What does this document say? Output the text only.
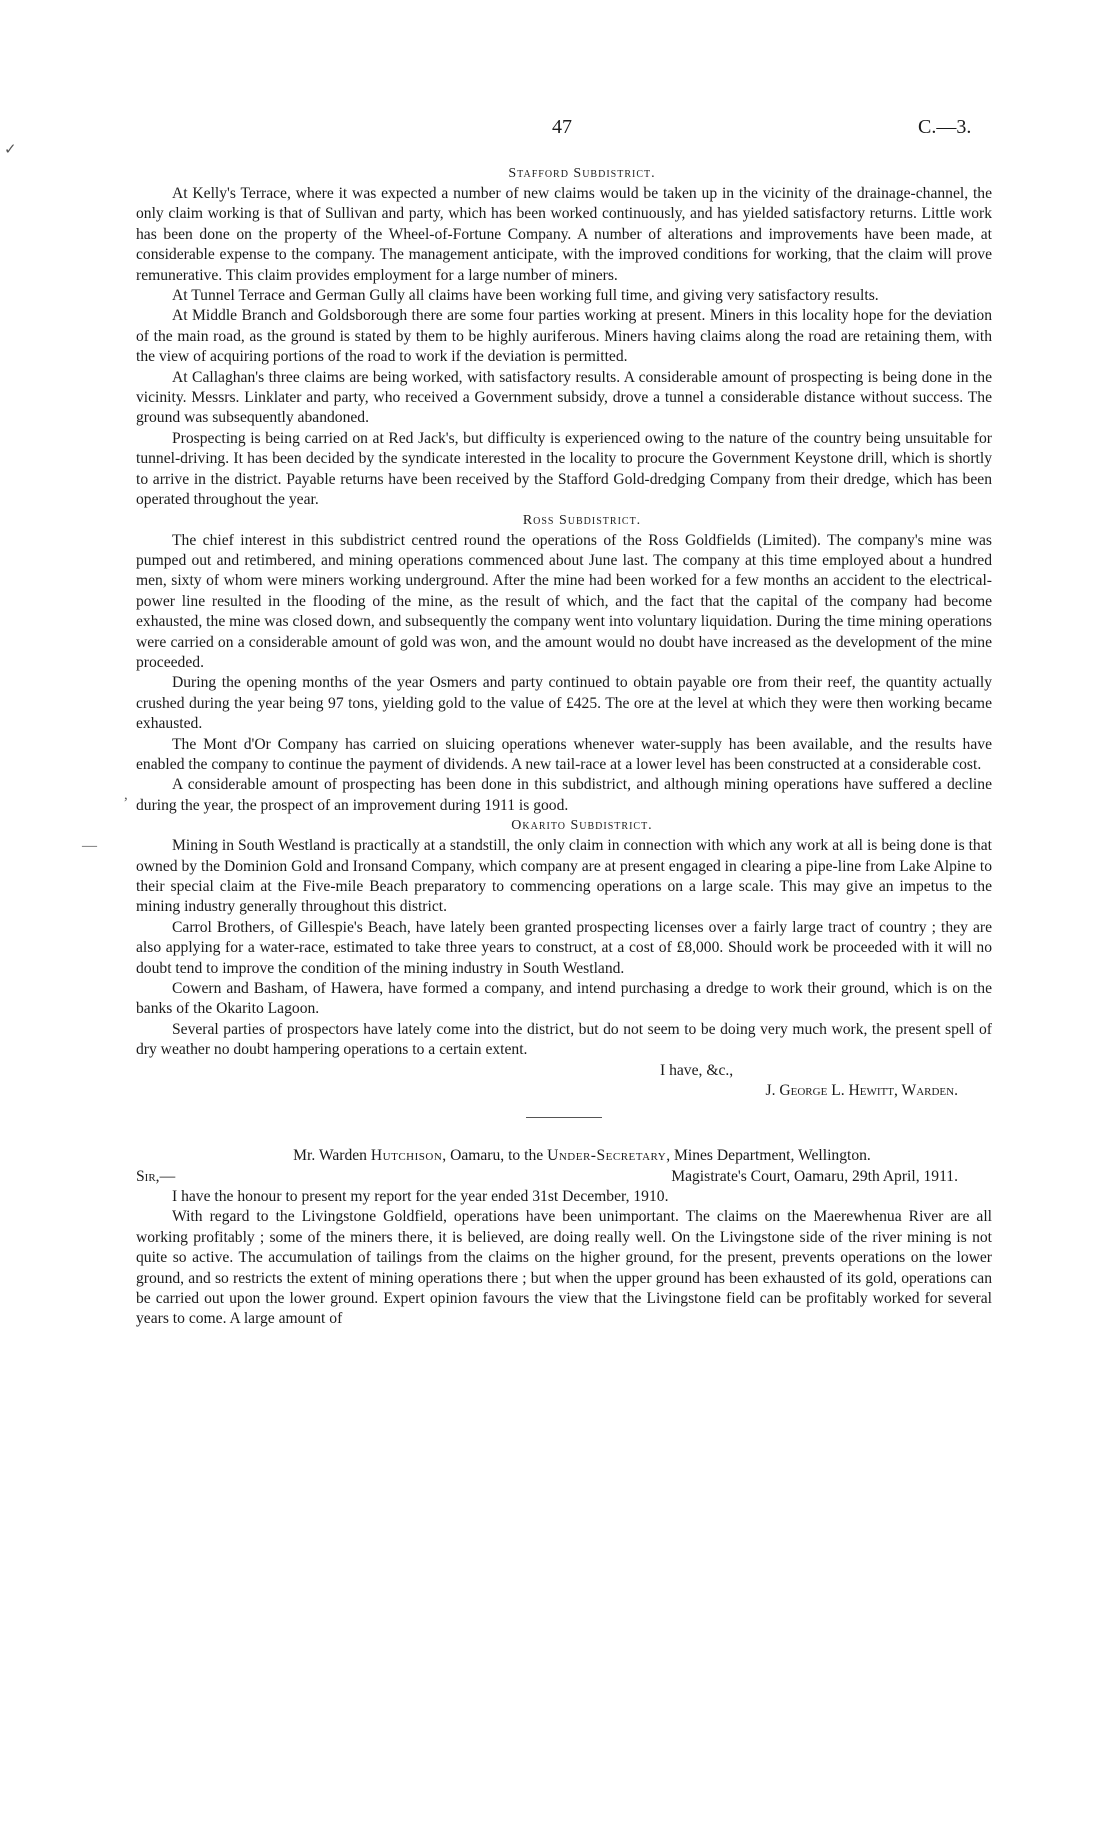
47	C.—3.
✓
—
,

Stafford Subdistrict.

At Kelly's Terrace, where it was expected a number of new claims would be taken up in the vicinity of the drainage-channel, the only claim working is that of Sullivan and party, which has been worked continuously, and has yielded satisfactory returns. Little work has been done on the property of the Wheel-of-Fortune Company. A number of alterations and improvements have been made, at considerable expense to the company. The management anticipate, with the improved conditions for working, that the claim will prove remunerative. This claim provides employment for a large number of miners.

At Tunnel Terrace and German Gully all claims have been working full time, and giving very satisfactory results.

At Middle Branch and Goldsborough there are some four parties working at present. Miners in this locality hope for the deviation of the main road, as the ground is stated by them to be highly auriferous. Miners having claims along the road are retaining them, with the view of acquiring portions of the road to work if the deviation is permitted.

At Callaghan's three claims are being worked, with satisfactory results. A considerable amount of prospecting is being done in the vicinity. Messrs. Linklater and party, who received a Government subsidy, drove a tunnel a considerable distance without success. The ground was subsequently abandoned.

Prospecting is being carried on at Red Jack's, but difficulty is experienced owing to the nature of the country being unsuitable for tunnel-driving. It has been decided by the syndicate interested in the locality to procure the Government Keystone drill, which is shortly to arrive in the district. Payable returns have been received by the Stafford Gold-dredging Company from their dredge, which has been operated throughout the year.

Ross Subdistrict.

The chief interest in this subdistrict centred round the operations of the Ross Goldfields (Limited). The company's mine was pumped out and retimbered, and mining operations commenced about June last. The company at this time employed about a hundred men, sixty of whom were miners working underground. After the mine had been worked for a few months an accident to the electrical-power line resulted in the flooding of the mine, as the result of which, and the fact that the capital of the company had become exhausted, the mine was closed down, and subsequently the company went into voluntary liquidation. During the time mining operations were carried on a considerable amount of gold was won, and the amount would no doubt have increased as the development of the mine proceeded.

During the opening months of the year Osmers and party continued to obtain payable ore from their reef, the quantity actually crushed during the year being 97 tons, yielding gold to the value of £425. The ore at the level at which they were then working became exhausted.

The Mont d'Or Company has carried on sluicing operations whenever water-supply has been available, and the results have enabled the company to continue the payment of dividends. A new tail-race at a lower level has been constructed at a considerable cost.

A considerable amount of prospecting has been done in this subdistrict, and although mining operations have suffered a decline during the year, the prospect of an improvement during 1911 is good.

Okarito Subdistrict.

Mining in South Westland is practically at a standstill, the only claim in connection with which any work at all is being done is that owned by the Dominion Gold and Ironsand Company, which company are at present engaged in clearing a pipe-line from Lake Alpine to their special claim at the Five-mile Beach preparatory to commencing operations on a large scale. This may give an impetus to the mining industry generally throughout this district.

Carrol Brothers, of Gillespie's Beach, have lately been granted prospecting licenses over a fairly large tract of country ; they are also applying for a water-race, estimated to take three years to construct, at a cost of £8,000. Should work be proceeded with it will no doubt tend to improve the condition of the mining industry in South Westland.

Cowern and Basham, of Hawera, have formed a company, and intend purchasing a dredge to work their ground, which is on the banks of the Okarito Lagoon.

Several parties of prospectors have lately come into the district, but do not seem to be doing very much work, the present spell of dry weather no doubt hampering operations to a certain extent.

I have, &c.,

J. George L. Hewitt, Warden.

Mr. Warden Hutchison, Oamaru, to the Under-Secretary, Mines Department, Wellington.

Sir,—	Magistrate's Court, Oamaru, 29th April, 1911.

I have the honour to present my report for the year ended 31st December, 1910.

With regard to the Livingstone Goldfield, operations have been unimportant. The claims on the Maerewhenua River are all working profitably ; some of the miners there, it is believed, are doing really well. On the Livingstone side of the river mining is not quite so active. The accumulation of tailings from the claims on the higher ground, for the present, prevents operations on the lower ground, and so restricts the extent of mining operations there ; but when the upper ground has been exhausted of its gold, operations can be carried out upon the lower ground. Expert opinion favours the view that the Livingstone field can be profitably worked for several years to come. A large amount of
